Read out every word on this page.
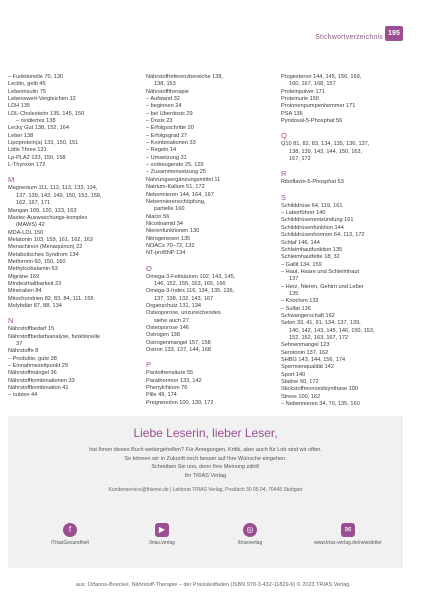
Stichwortverzeichnis
195
– Funktionelle 70, 130
Lecitin, gelb 45
Leberinsulin 75
Lebenswert-Vergleichen 12
LDH 135
LDL-Cholesterin 135, 145, 150
– oxidiertes 138
Lecky Gut 138, 152, 164
Leber 138
Lipoprotein(a) 133, 150, 151
Little Three 131
Lp-PLA2 133, 150, 158
L-Thyroxin 172
M
Magnesium 111, 112, 113, 133, 134,
137, 139, 143, 149, 150, 153, 158,
162, 167, 171
Mangan 109, 120, 123, 163
Master-Auswaschungs-komplex
(MAWS) 42
MDA-LDL 150
Melatonin 103, 159, 161, 162, 163
Menachinon (Menaquinon) 22
Metabolisches Syndrom 134
Metformin 60, 150, 160
Methylcobalamin 63
Migräne 169
Mindesthaltbarkeit 23
Mineralien 84
Mitochondrien 82, 83, 84, 111, 155
Molybdän 87, 88, 134
N
Nährstoffbedarf 15
Nährstoffbedarfsanalyse, funktionelle
37
Nährstoffe 8
– Produkte, gute 38
– Einnahmezeitpunkt 29
Nährstoffmängel 36
Nährstoffkombinationen 33
Nährstoffkombination 41
– nutzen 44
Nährstoffreferenzbereiche 138,
138, 153
Nährstofftherapie
– Aufwand 32
– beginnen 24
– bei Überdosis 29
– Dosis 23
– Erfolgsschritte 20
– Erfolgsgrad 27
– Kombinationen 33
– Regeln 14
– Umsetzung 31
– vorbeugende 25, 129
– Zusammensetzung 25
Nahrungsergänzungsmittel 11
Natrium-Kalium 51, 172
Nebennieren 144, 164, 167
Nebennierenschöpfung,
partielle 160
Niacin 56
Nicotinamid 34
Nierenfunktionen 130
Nitrogenesen 135
NOACs 70–72, 132
NT-proBNP 134
O
Omega-3-Fettsäuren 102, 143, 145,
146, 152, 155, 163, 165, 166
Omega-3-Index 116, 134, 135, 136,
137, 138, 132, 143, 167
Organschutz 131, 134
Osteoporose, unzureichendes
siehe auch 27
Osteoporose 146
Östrogen 138
Östrogenmangel 157, 158
Östron 133, 137, 144, 168
P
Pantothensäure 55
Parathormon 133, 142
Phenylchinon 76
Pille 49, 174
Pregnenolon 100, 139, 172
Progesteron 144, 145, 156, 169,
160, 167, 168, 157
Proteinpulver 171
Proteinurie 150
Protonenpumpenhemmer 171
PSA 136
Pyridoxal-5-Phosphat 56
Q
Q10 81, 82, 83, 134, 135, 136, 137,
138, 139, 143, 144, 150, 163,
167, 172
R
Riboflavin-5-Phosphat 53
S
Schilddrüse 64, 119, 161
– Laborführer 140
Schilddrüsenentzündung 161
Schilddrüsenfunktion 144
Schilddrüsenhormon 64, 113, 172
Schlaf 146, 144
Schleimhautfunktion 135
Schleimhautfette 18, 32
– Gallit 134, 159
– Haut, Haare und Schleimhaut
137
– Herz, Nieren, Gehirn und Leber
135
– Knochen 132
– Sulfat 136
Schwangerschaft 162
Selen 33, 41, 91, 134, 137, 139,
140, 142, 143, 145, 146, 150, 153,
152, 162, 163, 167, 172
Sehnenmangel 123
Serotonin 137, 162
SHBG 143, 144, 156, 174
Spermienqualität 142
Sport 140
Statine 60, 172
Stickstoffmonoxidsynthase 100
Stress 100, 162
– Nebennieren 34, 70, 135, 160
Liebe Leserin, lieber Leser,
hat Ihnen dieses Buch weitergeholfen? Für Anregungen, Kritik, aber auch für Lob sind wir offen.
So können wir in Zukunft noch besser auf Ihre Wünsche eingehen.
Schreiben Sie uns, denn Ihre Meinung zählt!
Ihr TRIAS Verlag
Kundenservice@thieme.de | Lektorat TRIAS Verlag, Postfach 30 05 04, 70445 Stuttgart
f
/TriasGesundheit
▶
/trias.verlag
◎
/triasverlag
✉
www.trias-verlag.de/newsletter
aus: Orfanos-Boeckel, Nährstoff-Therapie – der Praxisleitfaden (ISBN 978-3-432-11829-6) © 2023 TRIAS Verlag
